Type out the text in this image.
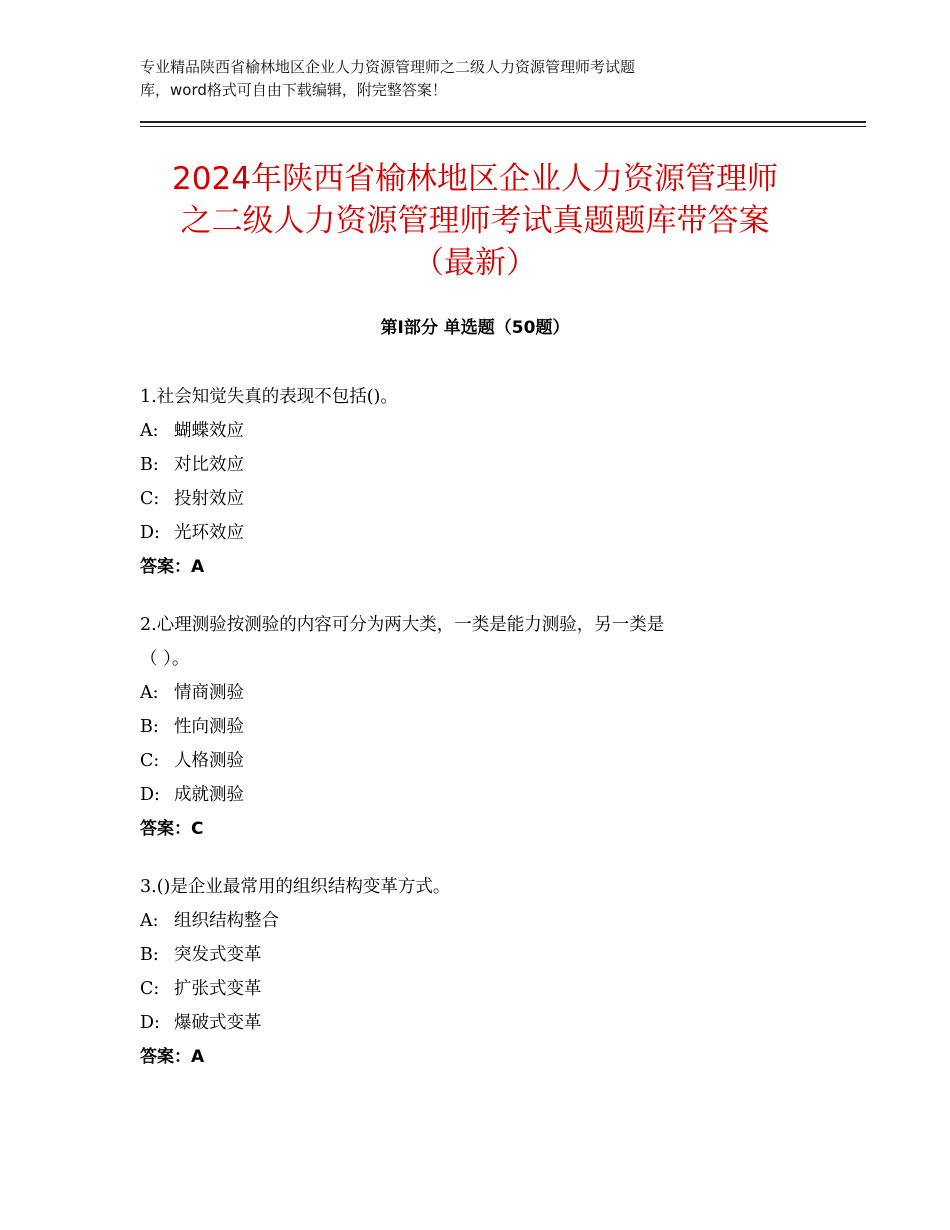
专业精品陕西省榆林地区企业人力资源管理师之二级人力资源管理师考试题
库，word格式可自由下载编辑，附完整答案！
2024年陕西省榆林地区企业人力资源管理师
之二级人力资源管理师考试真题题库带答案
（最新）
第Ⅰ部分 单选题（50题）
1.社会知觉失真的表现不包括()。
A: 蝴蝶效应
B: 对比效应
C: 投射效应
D: 光环效应
答案：A
2.心理测验按测验的内容可分为两大类，一类是能力测验，另一类是
（ ）。
A: 情商测验
B: 性向测验
C: 人格测验
D: 成就测验
答案：C
3.()是企业最常用的组织结构变革方式。
A: 组织结构整合
B: 突发式变革
C: 扩张式变革
D: 爆破式变革
答案：A
